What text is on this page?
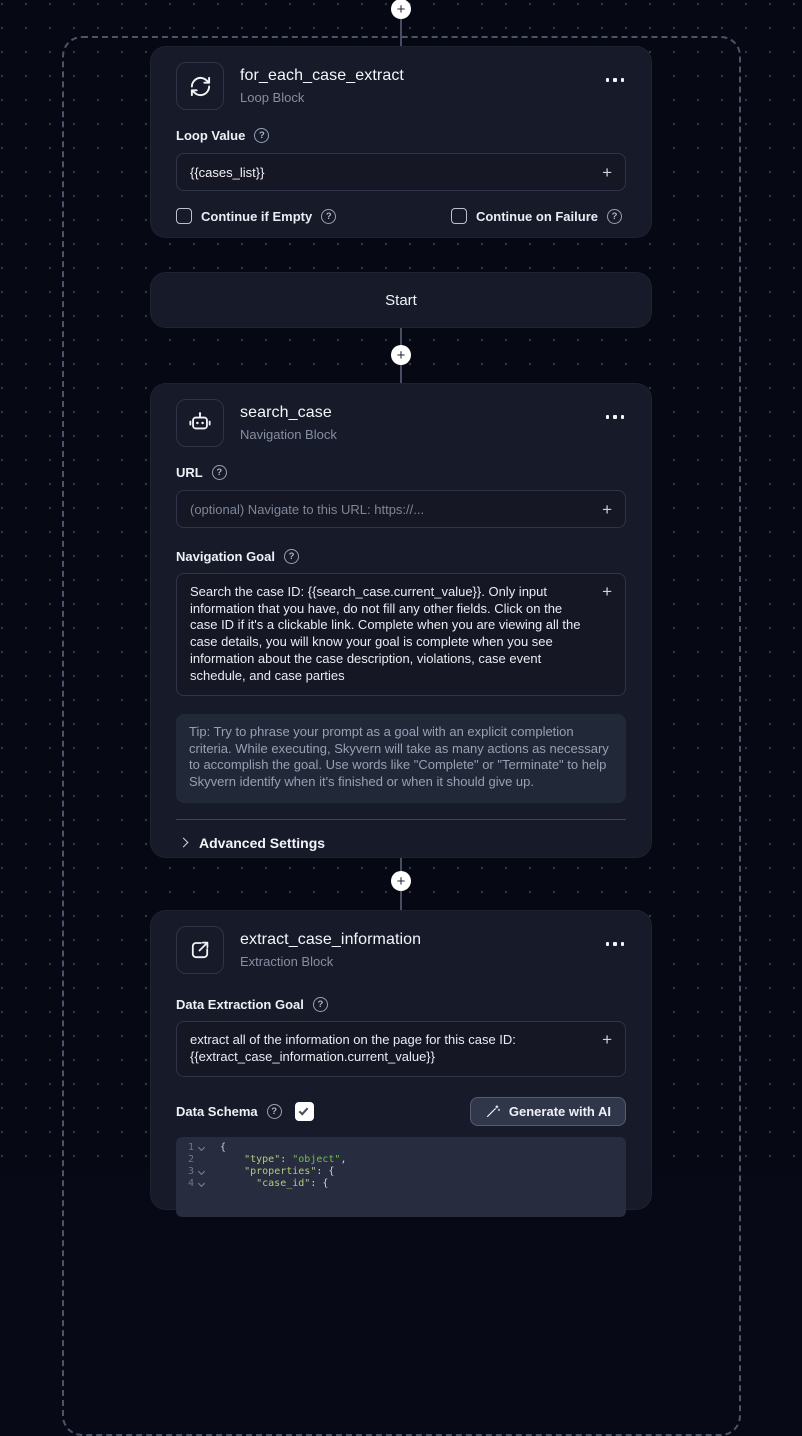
+
for_each_case_extract
Loop Block
Loop Value	?
{{cases_list}}	+
Continue if Empty	?	Continue on Failure	?
Start
+
search_case
Navigation Block
URL	?
(optional) Navigate to this URL: https://...	+
Navigation Goal	?
Search the case ID: {{search_case.current_value}}. Only input information that you have, do not fill any other fields. Click on the case ID if it's a clickable link. Complete when you are viewing all the case details, you will know your goal is complete when you see information about the case description, violations, case event schedule, and case parties
+
Tip: Try to phrase your prompt as a goal with an explicit completion criteria. While executing, Skyvern will take as many actions as necessary to accomplish the goal. Use words like "Complete" or "Terminate" to help Skyvern identify when it's finished or when it should give up.
Advanced Settings
+
extract_case_information
Extraction Block
Data Extraction Goal	?
extract all of the information on the page for this case ID: {{extract_case_information.current_value}}
+
Data Schema	?	Generate with AI
1	{
2	"type": "object",
3	"properties": {
4	"case_id": {
